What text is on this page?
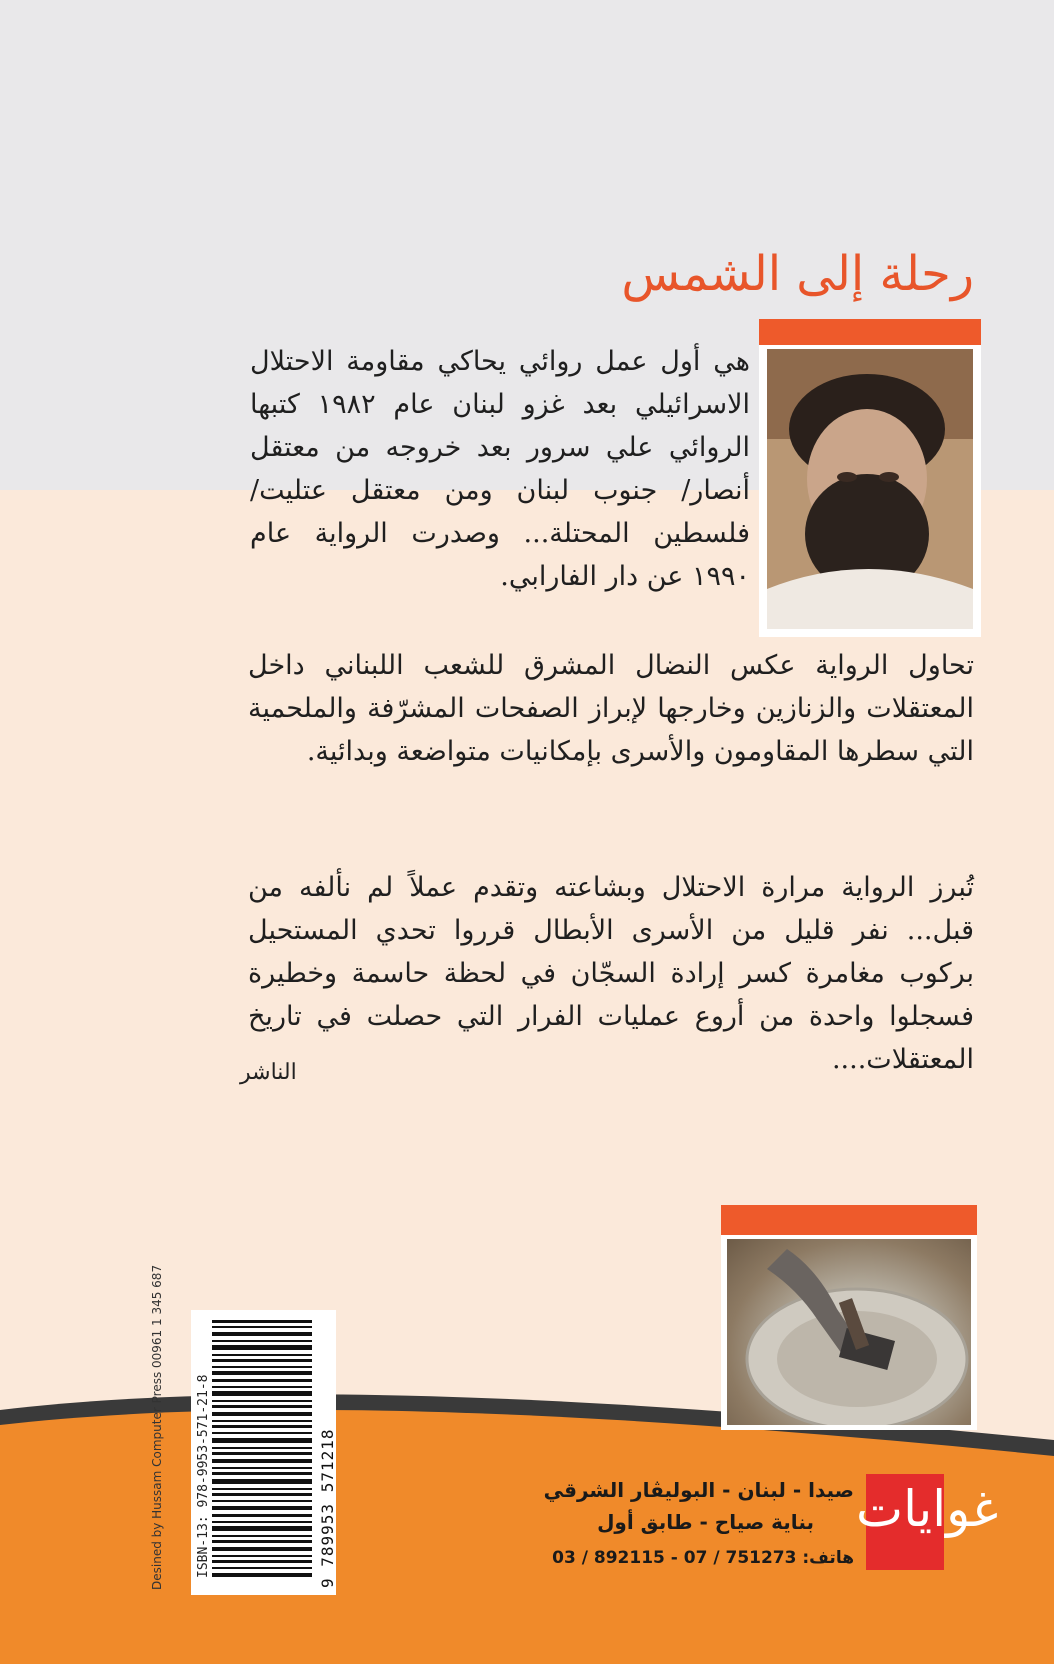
رحلة إلى الشمس
هي أول عمل روائي يحاكي مقاومة الاحتلال الاسرائيلي بعد غزو لبنان عام ١٩٨٢ كتبها الروائي علي سرور بعد خروجه من معتقل أنصار/ جنوب لبنان ومن معتقل عتليت/ فلسطين المحتلة... وصدرت الرواية عام ١٩٩٠ عن دار الفارابي.
تحاول الرواية عكس النضال المشرق للشعب اللبناني داخل المعتقلات والزنازين وخارجها لإبراز الصفحات المشرّفة والملحمية التي سطرها المقاومون والأسرى بإمكانيات متواضعة وبدائية.
تُبرز الرواية مرارة الاحتلال وبشاعته وتقدم عملاً لم نألفه من قبل... نفر قليل من الأسرى الأبطال قرروا تحدي المستحيل بركوب مغامرة كسر إرادة السجّان في لحظة حاسمة وخطيرة فسجلوا واحدة من أروع عمليات الفرار التي حصلت في تاريخ المعتقلات....
الناشر
ISBN-13: 978-9953-571-21-8	9 789953 571218
Desined by Hussam Computer Press 00961 1 345 687	غوايات
صيدا - لبنان - البوليڤار الشرقي
بناية صياح - طابق أول
هاتف: 751273 / 07 - 892115 / 03
